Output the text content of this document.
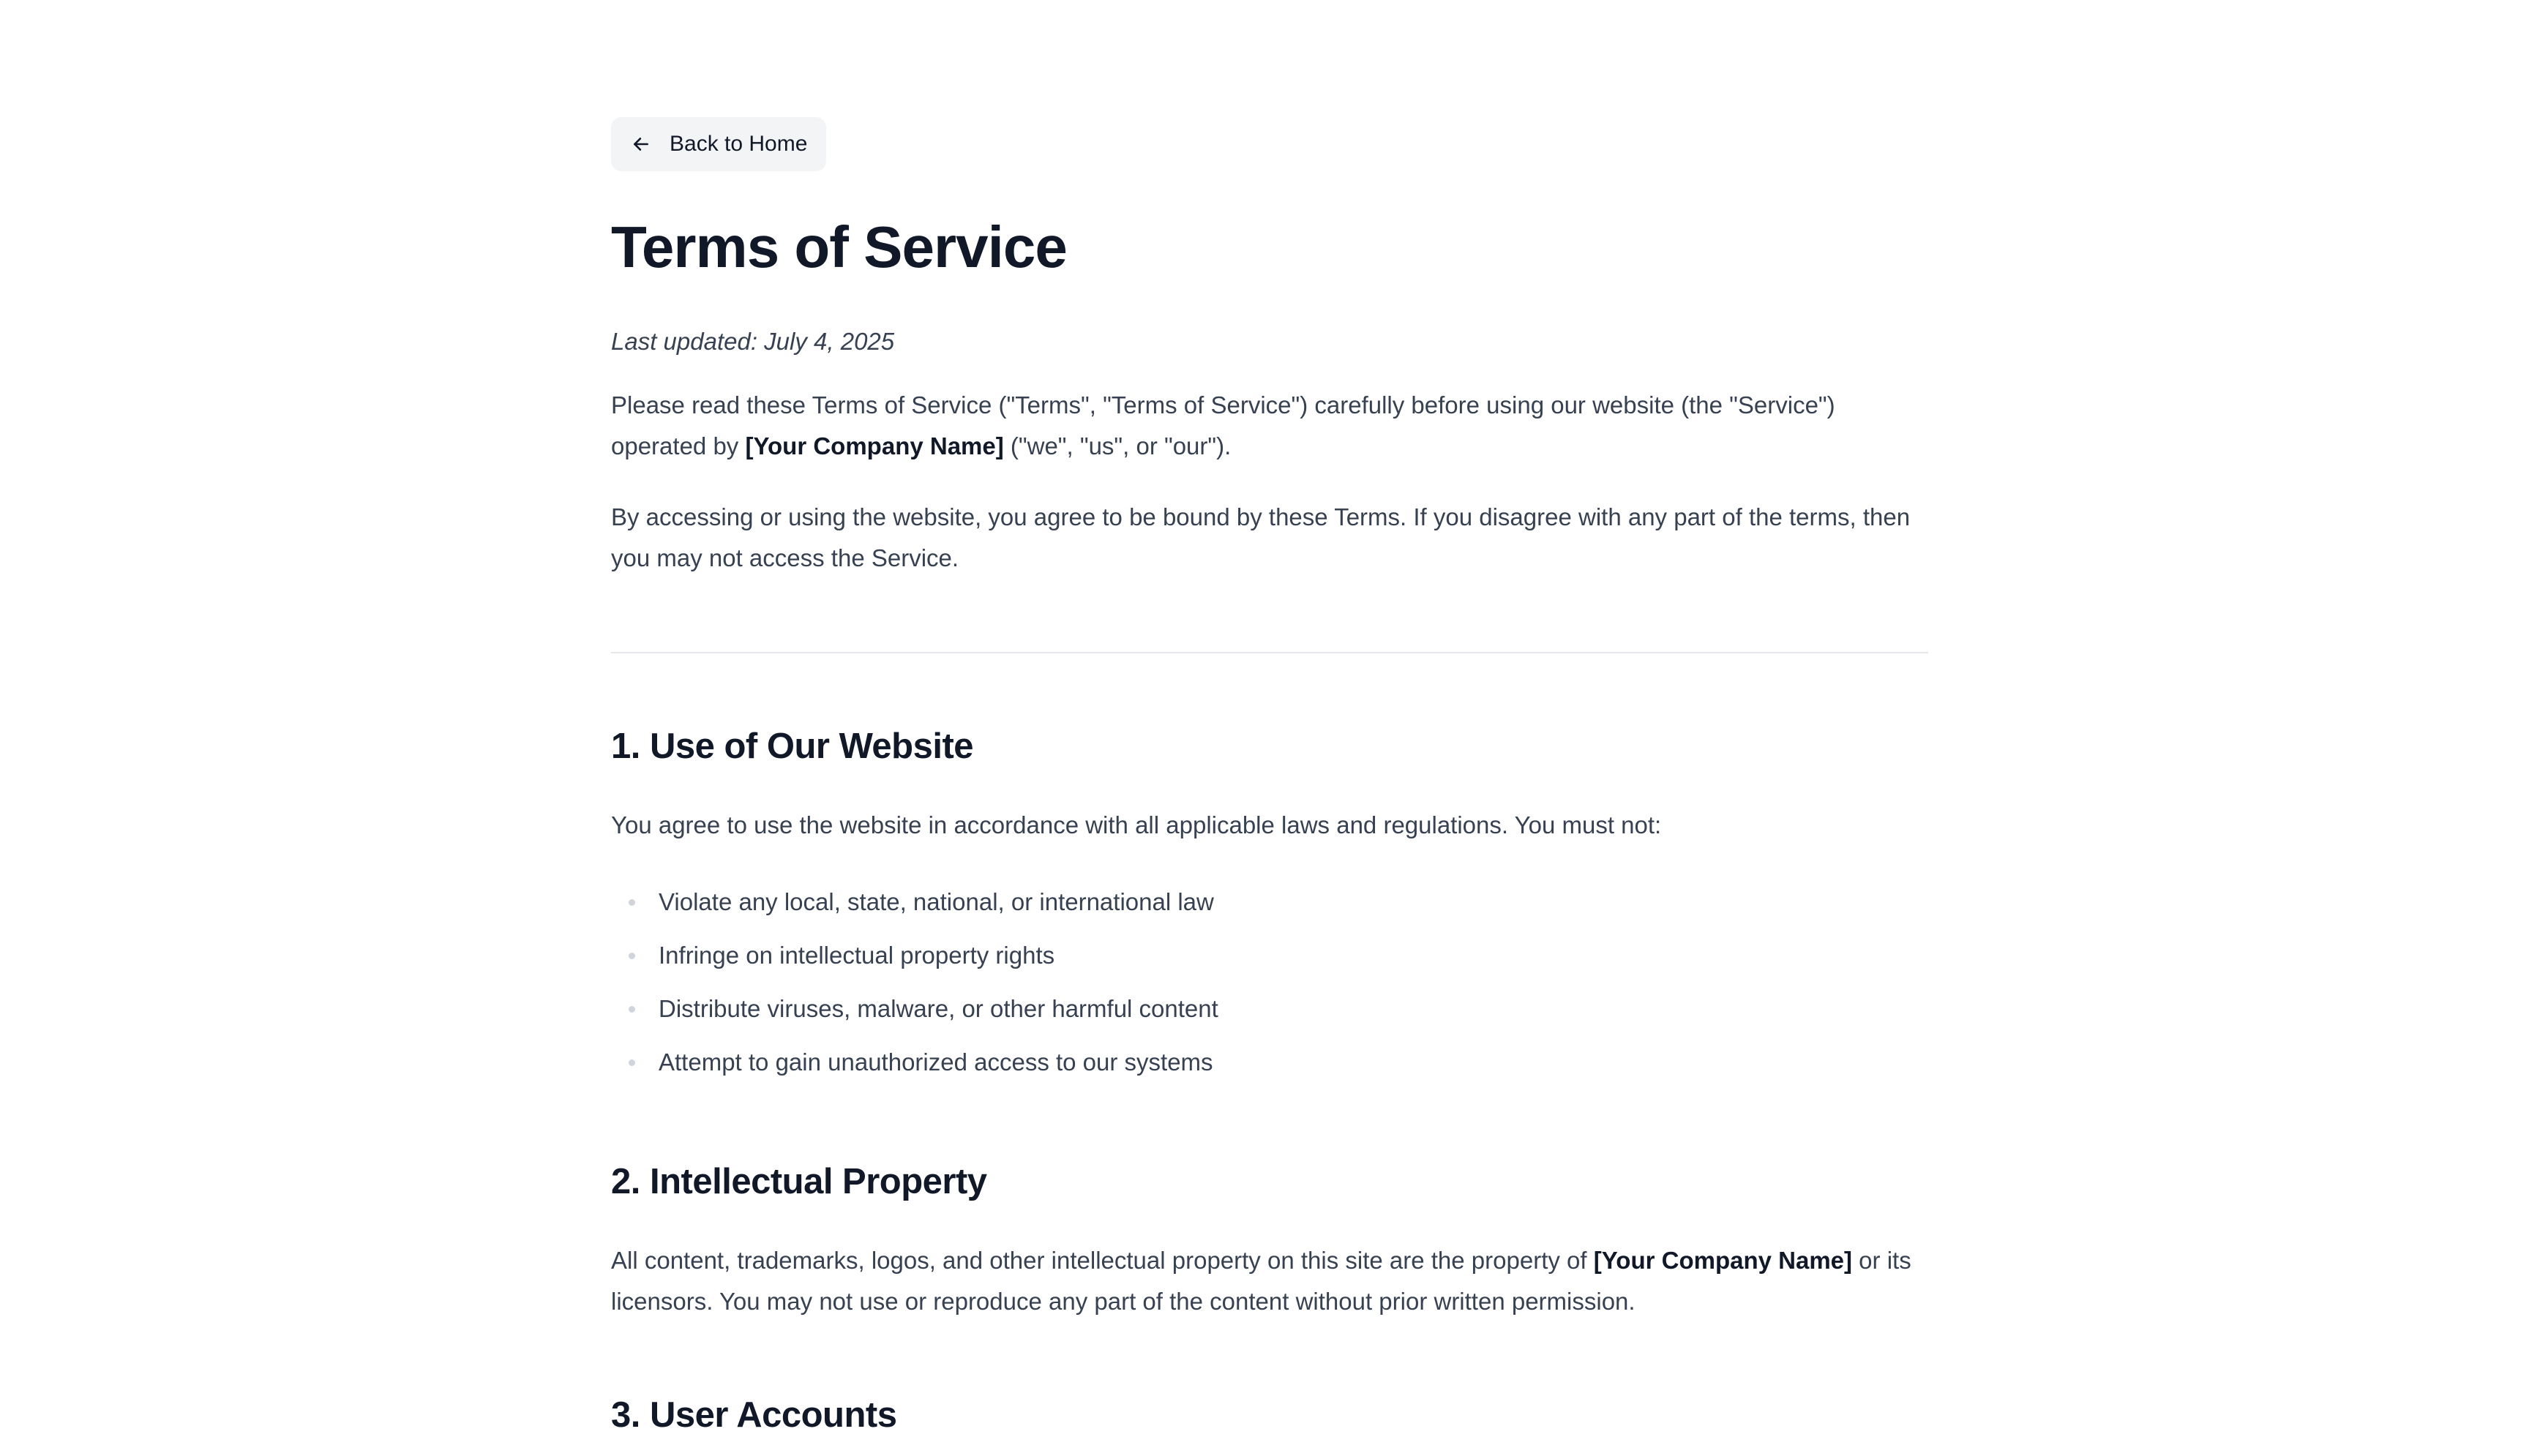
Back to Home
Terms of Service

Last updated: July 4, 2025

Please read these Terms of Service ("Terms", "Terms of Service") carefully before using our website (the "Service") operated by [Your Company Name] ("we", "us", or "our").

By accessing or using the website, you agree to be bound by these Terms. If you disagree with any part of the terms, then you may not access the Service.

1. Use of Our Website

You agree to use the website in accordance with all applicable laws and regulations. You must not:

Violate any local, state, national, or international law
Infringe on intellectual property rights
Distribute viruses, malware, or other harmful content
Attempt to gain unauthorized access to our systems
2. Intellectual Property

All content, trademarks, logos, and other intellectual property on this site are the property of [Your Company Name] or its licensors. You may not use or reproduce any part of the content without prior written permission.

3. User Accounts
